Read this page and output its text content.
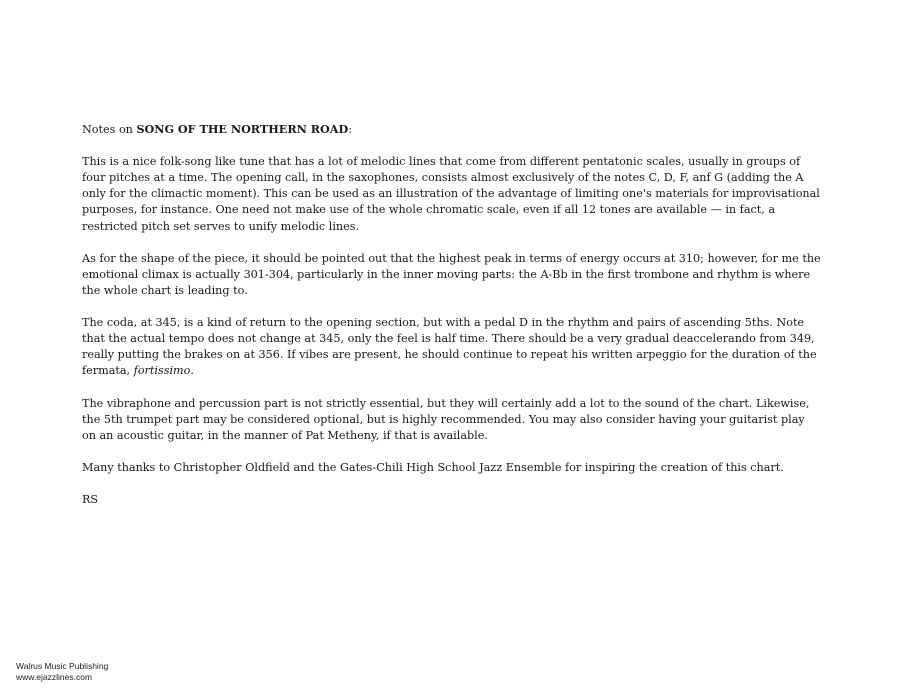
Notes on SONG OF THE NORTHERN ROAD:

This is a nice folk-song like tune that has a lot of melodic lines that come from different pentatonic scales, usually in groups of four pitches at a time. The opening call, in the saxophones, consists almost exclusively of the notes C, D, F, anf G (adding the A only for the climactic moment). This can be used as an illustration of the advantage of limiting one's materials for improvisational purposes, for instance. One need not make use of the whole chromatic scale, even if all 12 tones are available — in fact, a restricted pitch set serves to unify melodic lines.

As for the shape of the piece, it should be pointed out that the highest peak in terms of energy occurs at 310; however, for me the emotional climax is actually 301-304, particularly in the inner moving parts: the A-Bb in the first trombone and rhythm is where the whole chart is leading to.

The coda, at 345, is a kind of return to the opening section, but with a pedal D in the rhythm and pairs of ascending 5ths. Note that the actual tempo does not change at 345, only the feel is half time. There should be a very gradual deaccelerando from 349, really putting the brakes on at 356. If vibes are present, he should continue to repeat his written arpeggio for the duration of the fermata, fortissimo.

The vibraphone and percussion part is not strictly essential, but they will certainly add a lot to the sound of the chart. Likewise, the 5th trumpet part may be considered optional, but is highly recommended. You may also consider having your guitarist play on an acoustic guitar, in the manner of Pat Metheny, if that is available.

Many thanks to Christopher Oldfield and the Gates-Chili High School Jazz Ensemble for inspiring the creation of this chart.

RS

Walrus Music Publishing
www.ejazzlines.com
